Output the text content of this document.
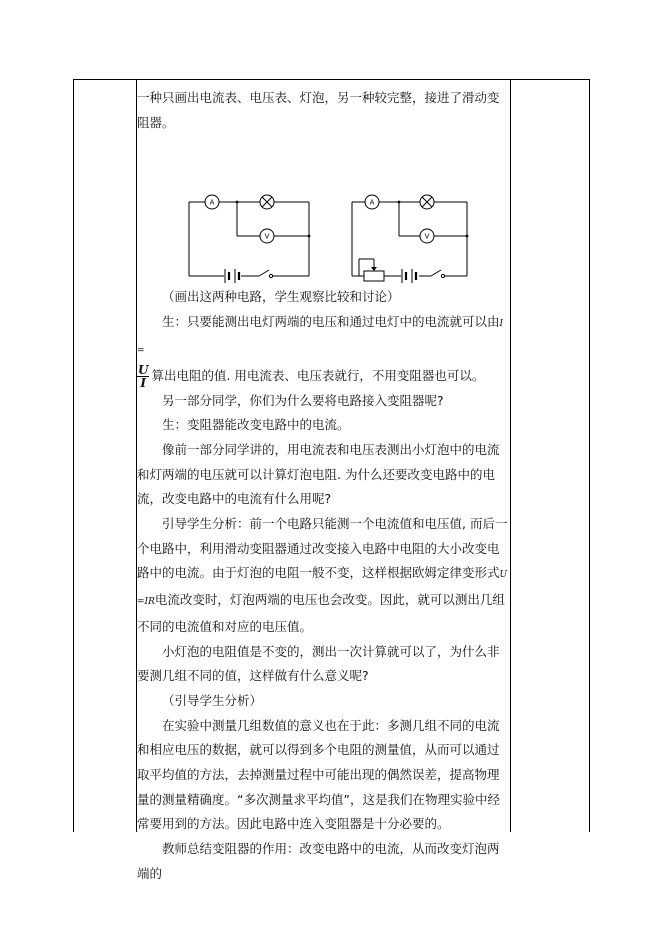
一种只画出电流表、电压表、灯泡，另一种较完整，接进了滑动变阻器。

A
V
A
V

（画出这两种电路，学生观察比较和讨论）

生：只要能测出电灯两端的电压和通过电灯中的电流就可以由I=

$\frac{U}{I}$ 算出电阻的值. 用电流表、电压表就行，不用变阻器也可以。

另一部分同学，你们为什么要将电路接入变阻器呢?

生：变阻器能改变电路中的电流。

像前一部分同学讲的，用电流表和电压表测出小灯泡中的电流和灯两端的电压就可以计算灯泡电阻. 为什么还要改变电路中的电流，改变电路中的电流有什么用呢?

引导学生分析：前一个电路只能测一个电流值和电压值, 而后一个电路中，利用滑动变阻器通过改变接入电路中电阻的大小改变电路中的电流。由于灯泡的电阻一般不变，这样根据欧姆定律变形式U=IR电流改变时，灯泡两端的电压也会改变。因此，就可以测出几组不同的电流值和对应的电压值。

小灯泡的电阻值是不变的，测出一次计算就可以了，为什么非要测几组不同的值，这样做有什么意义呢?

（引导学生分析）

在实验中测量几组数值的意义也在于此：多测几组不同的电流和相应电压的数据，就可以得到多个电阻的测量值，从而可以通过取平均值的方法，去掉测量过程中可能出现的偶然误差，提高物理量的测量精确度。“多次测量求平均值”，这是我们在物理实验中经常要用到的方法。因此电路中连入变阻器是十分必要的。

教师总结变阻器的作用：改变电路中的电流，从而改变灯泡两端的
